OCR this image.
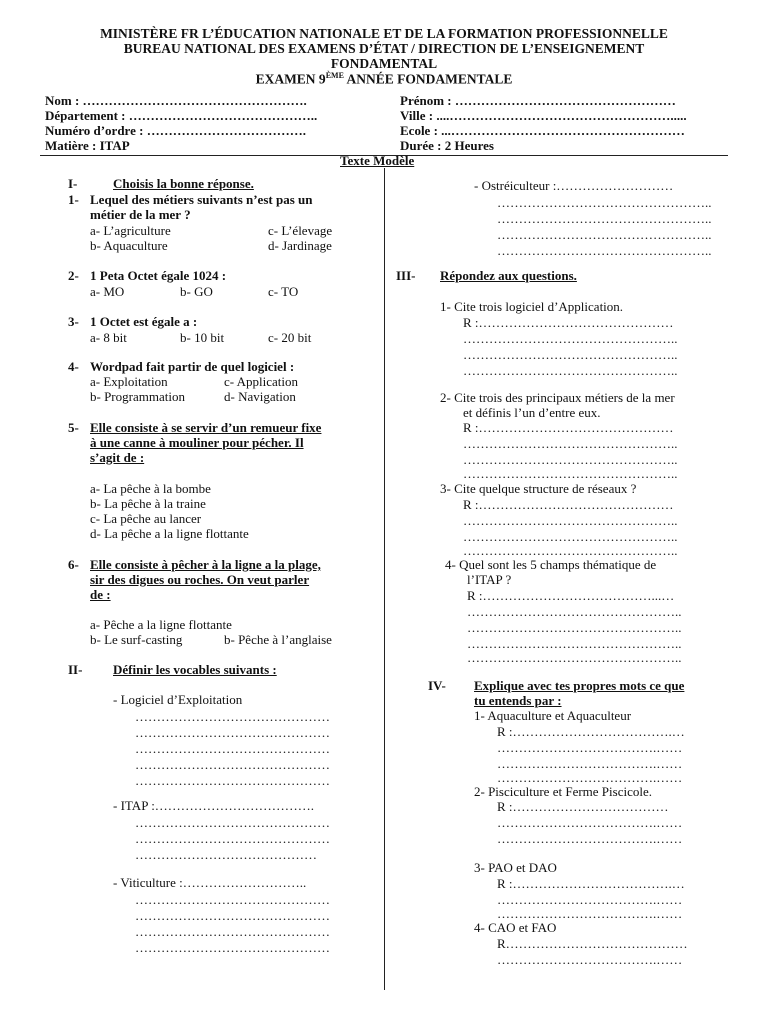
MINISTÈRE FR L’ÉDUCATION NATIONALE ET DE LA FORMATION PROFESSIONNELLE
BUREAU NATIONAL DES EXAMENS D’ÉTAT / DIRECTION DE L’ENSEIGNEMENT
FONDAMENTAL
EXAMEN 9ÈME ANNÉE FONDAMENTALE
Nom : …………………………………………….	Prénom : ……………………………………………
Département : ……………………………………..	Ville : ....…………………………………………….....
Numéro d’ordre : ……………………………….	Ecole : ...………………………………………………
Matière : ITAP	Durée : 2 Heures
Texte Modèle
I-	Choisis la bonne réponse.
1- Lequel des métiers suivants n’est pas un
métier de la mer ?
a- L’agriculture	c- L’élevage
b- Aquaculture	d- Jardinage
2- 1 Peta Octet égale 1024 :
a- MO	b- GO	c- TO
3- 1 Octet est égale a :
a- 8 bit	b- 10 bit	c- 20 bit
4- Wordpad fait partir de quel logiciel :
a- Exploitation	c- Application
b- Programmation	d- Navigation
5- Elle consiste à se servir d’un remueur fixe
à une canne à mouliner pour pécher. Il
s’agit de :
a- La pêche à la bombe
b- La pêche à la traine
c- La pêche au lancer
d- La pêche a la ligne flottante
6- Elle consiste à pêcher à la ligne a la plage,
sir des digues ou roches. On veut parler
de :
a- Pêche a la ligne flottante
b- Le surf-casting	b- Pêche à l’anglaise
II- Définir les vocables suivants :
- Logiciel d’Exploitation
………………………………………
………………………………………
………………………………………
………………………………………
………………………………………
- ITAP :……………………………….
………………………………………
………………………………………
……………………………………
- Viticulture :………………………..
………………………………………
………………………………………
………………………………………
………………………………………
- Ostréiculteur :………………………
…………………………………………..
…………………………………………..
…………………………………………..
…………………………………………..
III- Répondez aux questions.
1- Cite trois logiciel d’Application.
R :………………………………………
…………………………………………..
…………………………………………..
…………………………………………..
2- Cite trois des principaux métiers de la mer
et définis l’un d’entre eux.
R :………………………………………
…………………………………………..
…………………………………………..
…………………………………………..
3- Cite quelque structure de réseaux ?
R :………………………………………
…………………………………………..
…………………………………………..
…………………………………………..
4- Quel sont les 5 champs thématique de
l’ITAP ?
R :…………………………………...…
…………………………………………..
…………………………………………..
…………………………………………..
…………………………………………..
IV- Explique avec tes propres mots ce que
tu entends par :
1- Aquaculture et Aquaculteur
R :……………………………….…
……………………………….……
……………………………….……
……………………………….……
2- Pisciculture et Ferme Piscicole.
R :………………………………
……………………………….……
……………………………….……
3- PAO et DAO
R :……………………………….…
……………………………….……
……………………………….……
4- CAO et FAO
R……………………………………
……………………………….……
